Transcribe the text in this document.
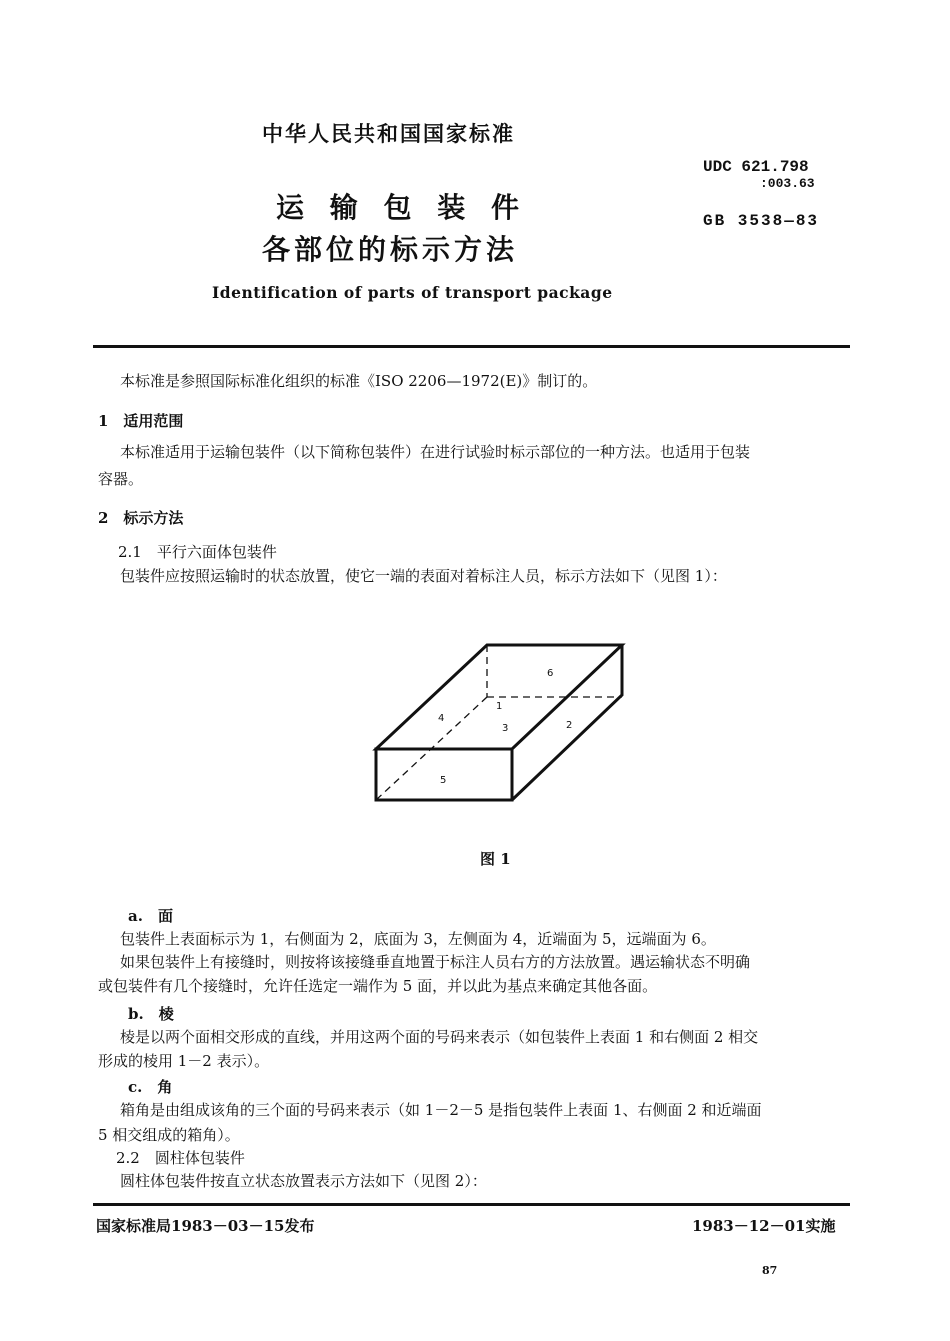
中华人民共和国国家标准
UDC 621.798
:003.63
GB 3538—83
运 输 包 装 件
各部位的标示方法
Identification of parts of transport package
本标准是参照国际标准化组织的标准《ISO 2206—1972(E)》制订的。
1　适用范围
本标准适用于运输包装件（以下简称包装件）在进行试验时标示部位的一种方法。也适用于包装
容器。
2　标示方法
2.1　平行六面体包装件
包装件应按照运输时的状态放置，使它一端的表面对着标注人员，标示方法如下（见图 1）：
6
1
4
3	2
5
图 1
a.　面
包装件上表面标示为 1，右侧面为 2，底面为 3，左侧面为 4，近端面为 5，远端面为 6。
如果包装件上有接缝时，则按将该接缝垂直地置于标注人员右方的方法放置。遇运输状态不明确
或包装件有几个接缝时，允许任选定一端作为 5 面，并以此为基点来确定其他各面。
b.　棱
棱是以两个面相交形成的直线，并用这两个面的号码来表示（如包装件上表面 1 和右侧面 2 相交
形成的棱用 1－2 表示）。
c.　角
箱角是由组成该角的三个面的号码来表示（如 1－2－5 是指包装件上表面 1、右侧面 2 和近端面
5 相交组成的箱角）。
2.2　圆柱体包装件
圆柱体包装件按直立状态放置表示方法如下（见图 2）：
国家标准局1983－03－15发布	1983－12－01实施
87
